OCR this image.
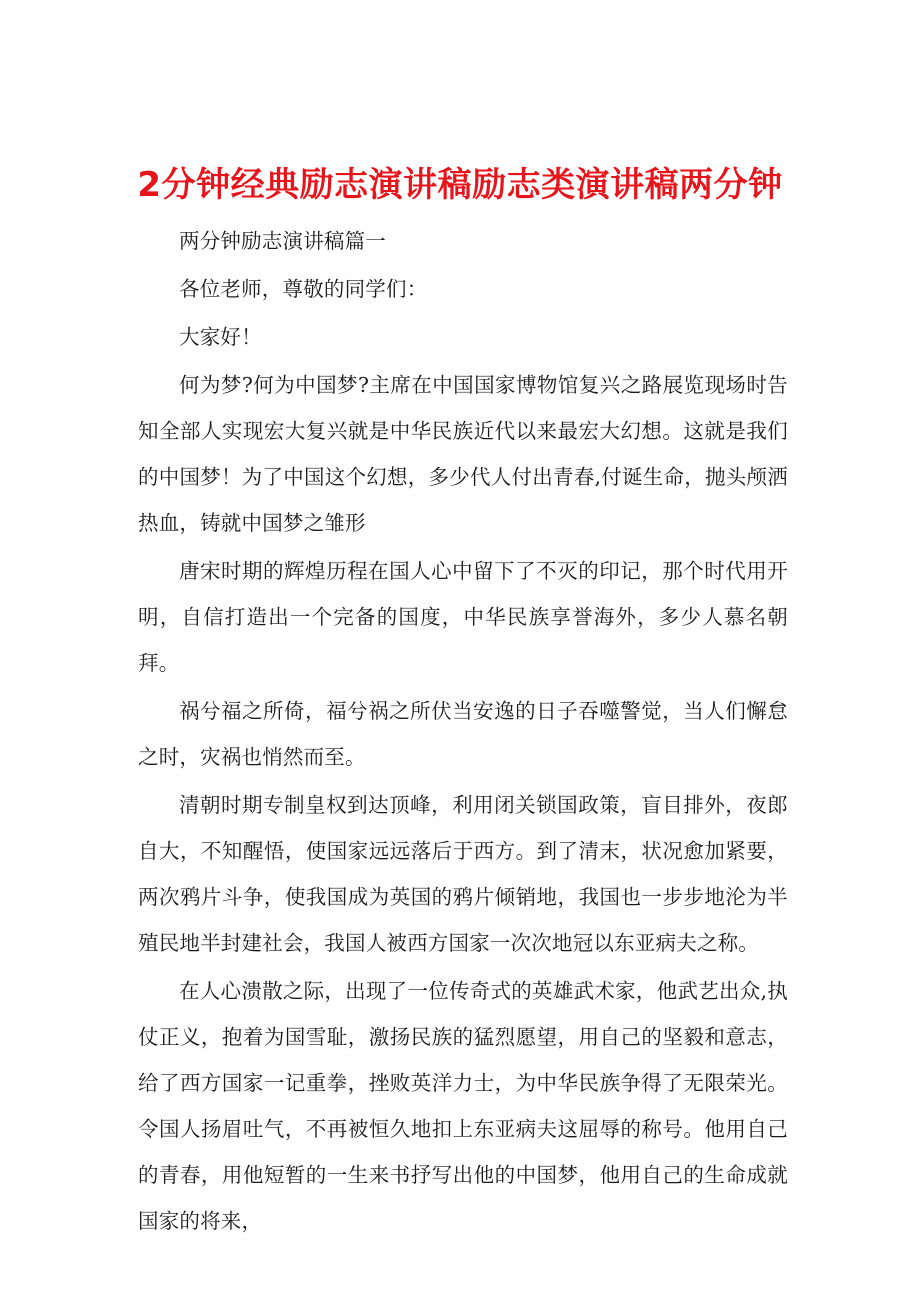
2分钟经典励志演讲稿励志类演讲稿两分钟

两分钟励志演讲稿篇一

各位老师，尊敬的同学们：

大家好！

何为梦?何为中国梦?主席在中国国家博物馆复兴之路展览现场时告知全部人实现宏大复兴就是中华民族近代以来最宏大幻想。这就是我们的中国梦！为了中国这个幻想，多少代人付出青春,付诞生命，抛头颅洒热血，铸就中国梦之雏形

唐宋时期的辉煌历程在国人心中留下了不灭的印记，那个时代用开明，自信打造出一个完备的国度，中华民族享誉海外，多少人慕名朝拜。

祸兮福之所倚，福兮祸之所伏当安逸的日子吞噬警觉，当人们懈怠之时，灾祸也悄然而至。

清朝时期专制皇权到达顶峰，利用闭关锁国政策，盲目排外，夜郎自大，不知醒悟，使国家远远落后于西方。到了清末，状况愈加紧要，两次鸦片斗争，使我国成为英国的鸦片倾销地，我国也一步步地沦为半殖民地半封建社会，我国人被西方国家一次次地冠以东亚病夫之称。

在人心溃散之际，出现了一位传奇式的英雄武术家，他武艺出众,执仗正义，抱着为国雪耻，激扬民族的猛烈愿望，用自己的坚毅和意志，给了西方国家一记重拳，挫败英洋力士，为中华民族争得了无限荣光。令国人扬眉吐气，不再被恒久地扣上东亚病夫这屈辱的称号。他用自己的青春，用他短暂的一生来书抒写出他的中国梦，他用自己的生命成就国家的将来，
